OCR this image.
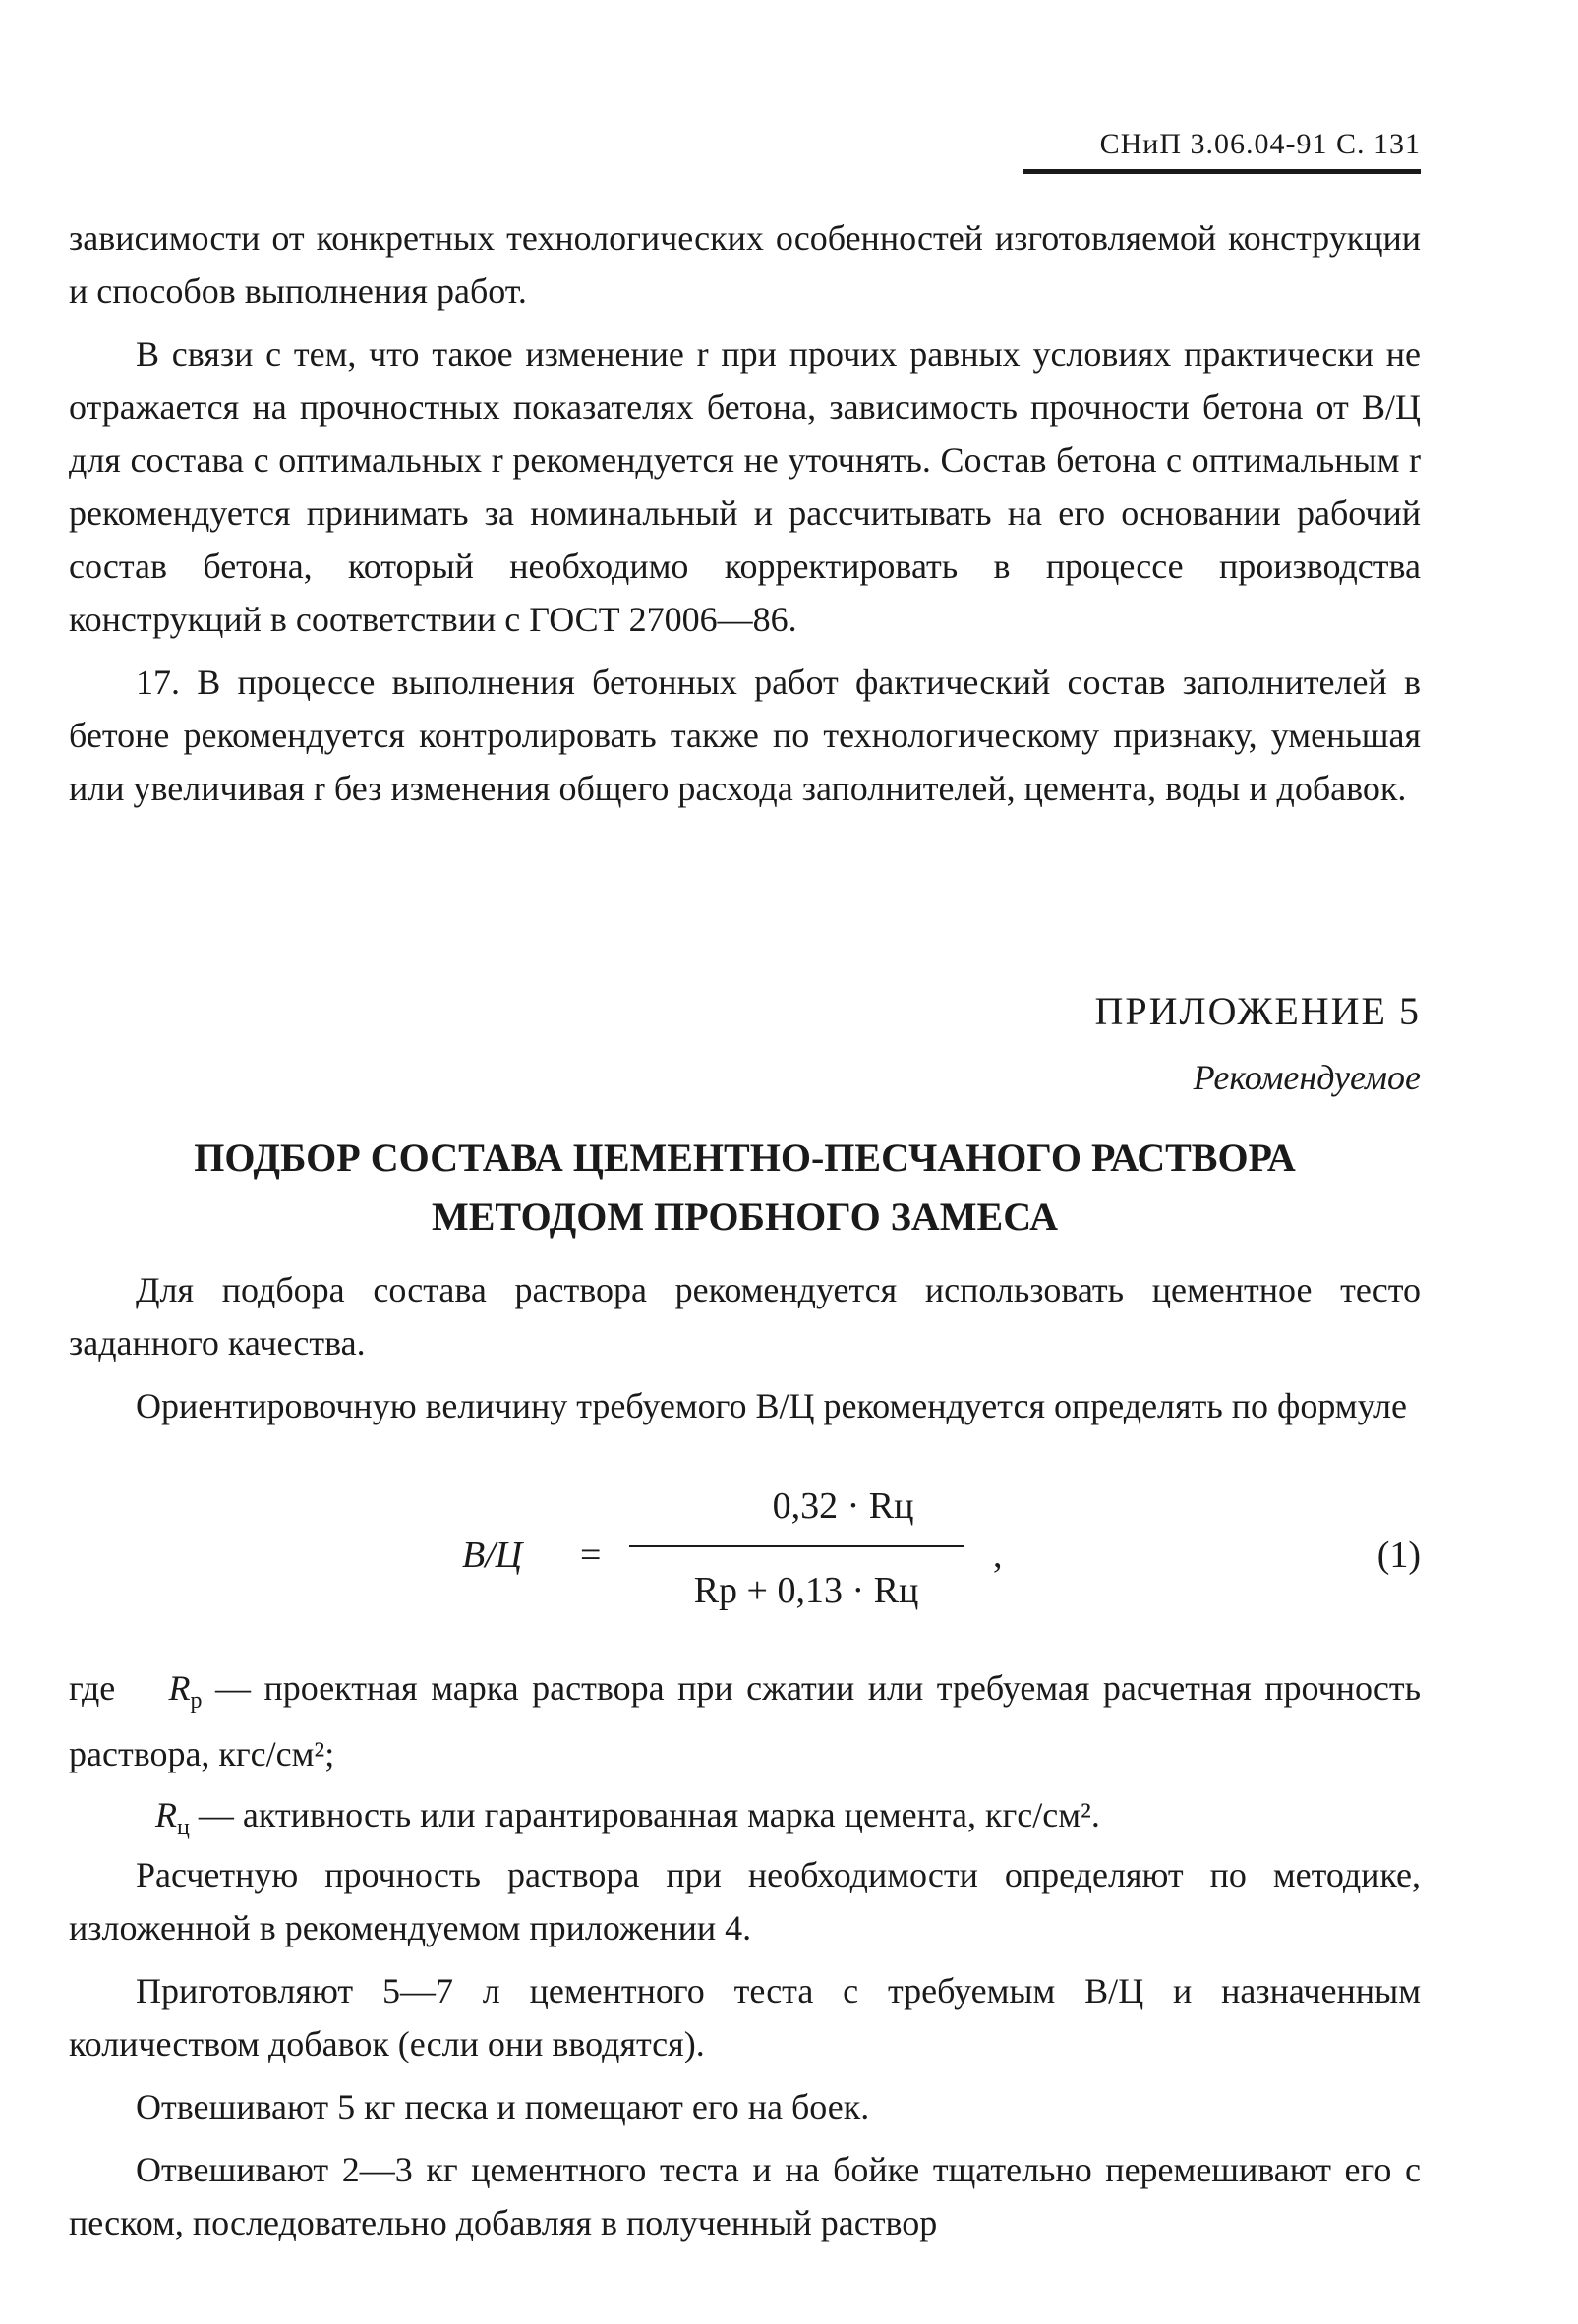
СНиП 3.06.04-91 С. 131

зависимости от конкретных технологических особенностей изготовляемой конструкции и способов выполнения работ.

В связи с тем, что такое изменение r при прочих равных условиях практически не отражается на прочностных показателях бетона, зависимость прочности бетона от В/Ц для состава с оптимальных r рекомендуется не уточнять. Состав бетона с оптимальным r рекомендуется принимать за номинальный и рассчитывать на его основании рабочий состав бетона, который необходимо корректировать в процессе производства конструкций в соответствии с ГОСТ 27006—86.

17. В процессе выполнения бетонных работ фактический состав заполнителей в бетоне рекомендуется контролировать также по технологическому признаку, уменьшая или увеличивая r без изменения общего расхода заполнителей, цемента, воды и добавок.

ПРИЛОЖЕНИЕ 5
Рекомендуемое
ПОДБОР СОСТАВА ЦЕМЕНТНО-ПЕСЧАНОГО РАСТВОРА
МЕТОДОМ ПРОБНОГО ЗАМЕСА

Для подбора состава раствора рекомендуется использовать цементное тесто заданного качества.

Ориентировочную величину требуемого В/Ц рекомендуется определять по формуле

В/Ц =
0,32 · Rц
Rр + 0,13 · Rц
,	(1)
где $R_р$ — проектная марка раствора при сжатии или требуемая расчетная прочность раствора, кгс/см²;
$R_ц$ — активность или гарантированная марка цемента, кгс/см².

Расчетную прочность раствора при необходимости определяют по методике, изложенной в рекомендуемом приложении 4.

Приготовляют 5—7 л цементного теста с требуемым В/Ц и назначенным количеством добавок (если они вводятся).

Отвешивают 5 кг песка и помещают его на боек.

Отвешивают 2—3 кг цементного теста и на бойке тщательно перемешивают его с песком, последовательно добавляя в полученный раствор
